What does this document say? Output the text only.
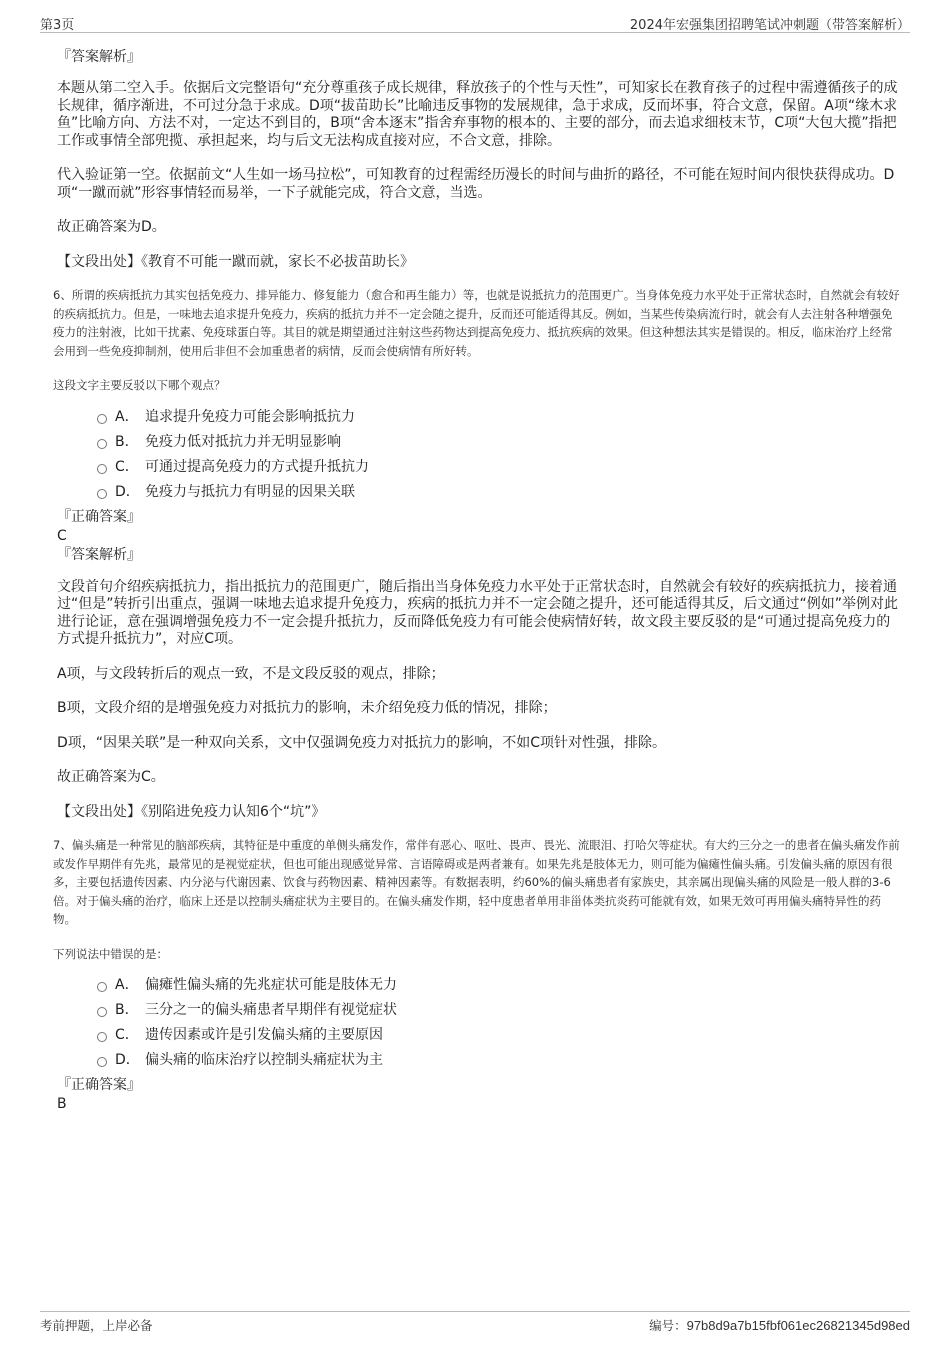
第3页	2024年宏强集团招聘笔试冲刺题（带答案解析）

『答案解析』

本题从第二空入手。依据后文完整语句“充分尊重孩子成长规律，释放孩子的个性与天性”，可知家长在教育孩子的过程中需遵循孩子的成长规律，循序渐进，不可过分急于求成。D项“拔苗助长”比喻违反事物的发展规律，急于求成，反而坏事，符合文意，保留。A项“缘木求鱼”比喻方向、方法不对，一定达不到目的，B项“舍本逐末”指舍弃事物的根本的、主要的部分，而去追求细枝末节，C项“大包大揽”指把工作或事情全部兜揽、承担起来，均与后文无法构成直接对应，不合文意，排除。

代入验证第一空。依据前文“人生如一场马拉松”，可知教育的过程需经历漫长的时间与曲折的路径，不可能在短时间内很快获得成功。D项“一蹴而就”形容事情轻而易举，一下子就能完成，符合文意，当选。

故正确答案为D。

【文段出处】《教育不可能一蹴而就，家长不必拔苗助长》

6、所谓的疾病抵抗力其实包括免疫力、排异能力、修复能力（愈合和再生能力）等，也就是说抵抗力的范围更广。当身体免疫力水平处于正常状态时，自然就会有较好的疾病抵抗力。但是，一味地去追求提升免疫力，疾病的抵抗力并不一定会随之提升，反而还可能适得其反。例如，当某些传染病流行时，就会有人去注射各种增强免疫力的注射液，比如干扰素、免疫球蛋白等。其目的就是期望通过注射这些药物达到提高免疫力、抵抗疾病的效果。但这种想法其实是错误的。相反，临床治疗上经常会用到一些免疫抑制剂，使用后非但不会加重患者的病情，反而会使病情有所好转。

这段文字主要反驳以下哪个观点？

A． 追求提升免疫力可能会影响抵抗力
B． 免疫力低对抵抗力并无明显影响
C． 可通过提高免疫力的方式提升抵抗力
D． 免疫力与抵抗力有明显的因果关联

『正确答案』

C

『答案解析』

文段首句介绍疾病抵抗力，指出抵抗力的范围更广，随后指出当身体免疫力水平处于正常状态时，自然就会有较好的疾病抵抗力，接着通过“但是”转折引出重点，强调一味地去追求提升免疫力，疾病的抵抗力并不一定会随之提升，还可能适得其反，后文通过“例如”举例对此进行论证，意在强调增强免疫力不一定会提升抵抗力，反而降低免疫力有可能会使病情好转，故文段主要反驳的是“可通过提高免疫力的方式提升抵抗力”，对应C项。

A项，与文段转折后的观点一致，不是文段反驳的观点，排除；

B项，文段介绍的是增强免疫力对抵抗力的影响，未介绍免疫力低的情况，排除；

D项，“因果关联”是一种双向关系，文中仅强调免疫力对抵抗力的影响，不如C项针对性强，排除。

故正确答案为C。

【文段出处】《别陷进免疫力认知6个“坑”》

7、偏头痛是一种常见的脑部疾病，其特征是中重度的单侧头痛发作，常伴有恶心、呕吐、畏声、畏光、流眼泪、打哈欠等症状。有大约三分之一的患者在偏头痛发作前或发作早期伴有先兆，最常见的是视觉症状，但也可能出现感觉异常、言语障碍或是两者兼有。如果先兆是肢体无力，则可能为偏瘫性偏头痛。引发偏头痛的原因有很多，主要包括遗传因素、内分泌与代谢因素、饮食与药物因素、精神因素等。有数据表明，约60%的偏头痛患者有家族史，其亲属出现偏头痛的风险是一般人群的3-6倍。对于偏头痛的治疗，临床上还是以控制头痛症状为主要目的。在偏头痛发作期，轻中度患者单用非甾体类抗炎药可能就有效，如果无效可再用偏头痛特异性的药物。

下列说法中错误的是：

A． 偏瘫性偏头痛的先兆症状可能是肢体无力
B． 三分之一的偏头痛患者早期伴有视觉症状
C． 遗传因素或许是引发偏头痛的主要原因
D． 偏头痛的临床治疗以控制头痛症状为主

『正确答案』

B

考前押题，上岸必备	编号：97b8d9a7b15fbf061ec26821345d98ed
